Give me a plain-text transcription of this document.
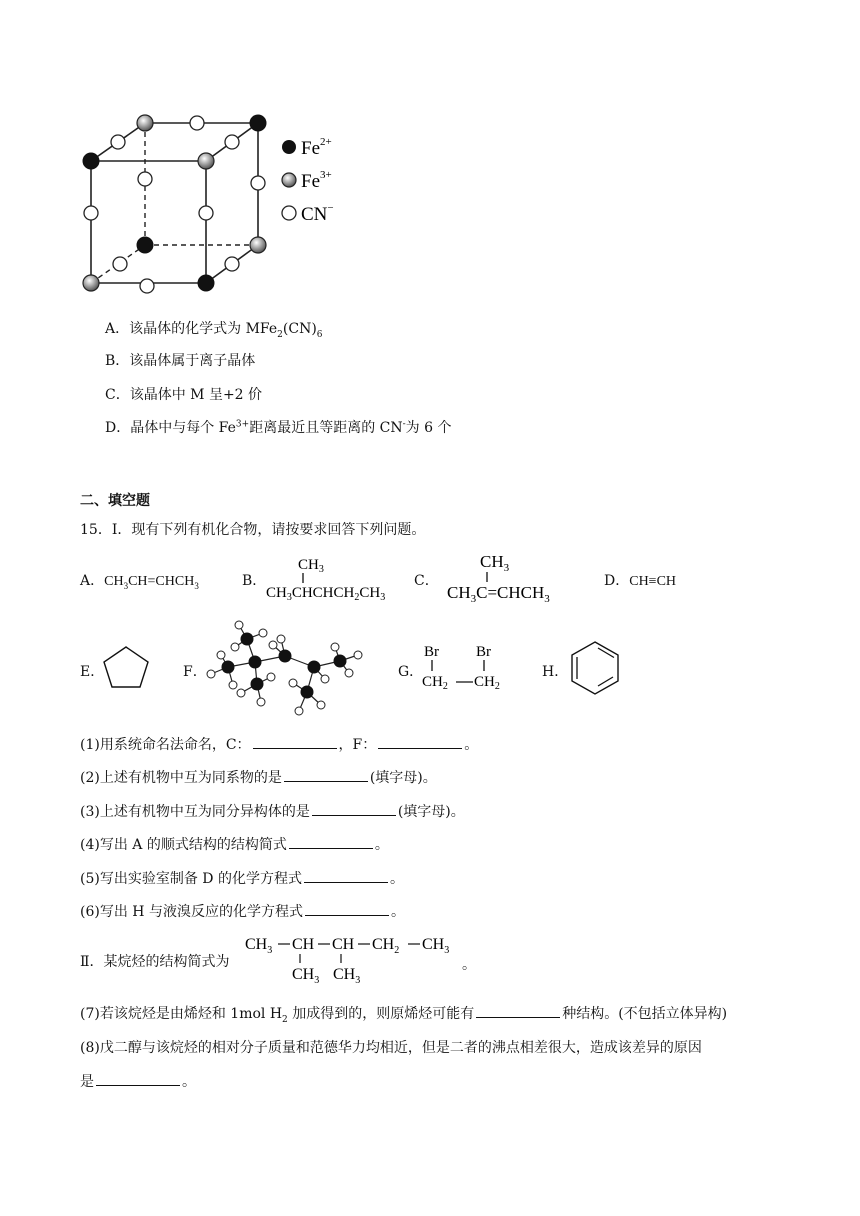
$Fe^{2+}$
$Fe^{3+}$
CN−
A．该晶体的化学式为 $MFe_2(CN)_6$
B．该晶体属于离子晶体
C．该晶体中 M 呈+2 价
D．晶体中与每个 $Fe^{3+}$距离最近且等距离的 CN-为 6 个
二、填空题
15．Ⅰ．现有下列有机化合物，请按要求回答下列问题。
A．$CH_3CH=CHCH_3$	B．
$CH_3$
$CH_3CHCHCH_2CH_3$
C．
$CH_3$
$CH_3C=CHCH_3$
D．CH≡CH
E．	F．	G．
Br Br
$CH_2$ $CH_2$
H．
(1)用系统命名法命名，C：	，F：	。
(2)上述有机物中互为同系物的是	(填字母)。
(3)上述有机物中互为同分异构体的是	(填字母)。
(4)写出 A 的顺式结构的结构简式	。
(5)写出实验室制备 D 的化学方程式	。
(6)写出 H 与液溴反应的化学方程式	。
Ⅱ．某烷烃的结构简式为
$CH_3$ CH CH $CH_2$ $CH_3$
$CH_3$ $CH_3$
。
(7)若该烷烃是由烯烃和 1mol $H_2$ 加成得到的，则原烯烃可能有	种结构。(不包括立体异构)
(8)戊二醇与该烷烃的相对分子质量和范德华力均相近，但是二者的沸点相差很大，造成该差异的原因
是	。
